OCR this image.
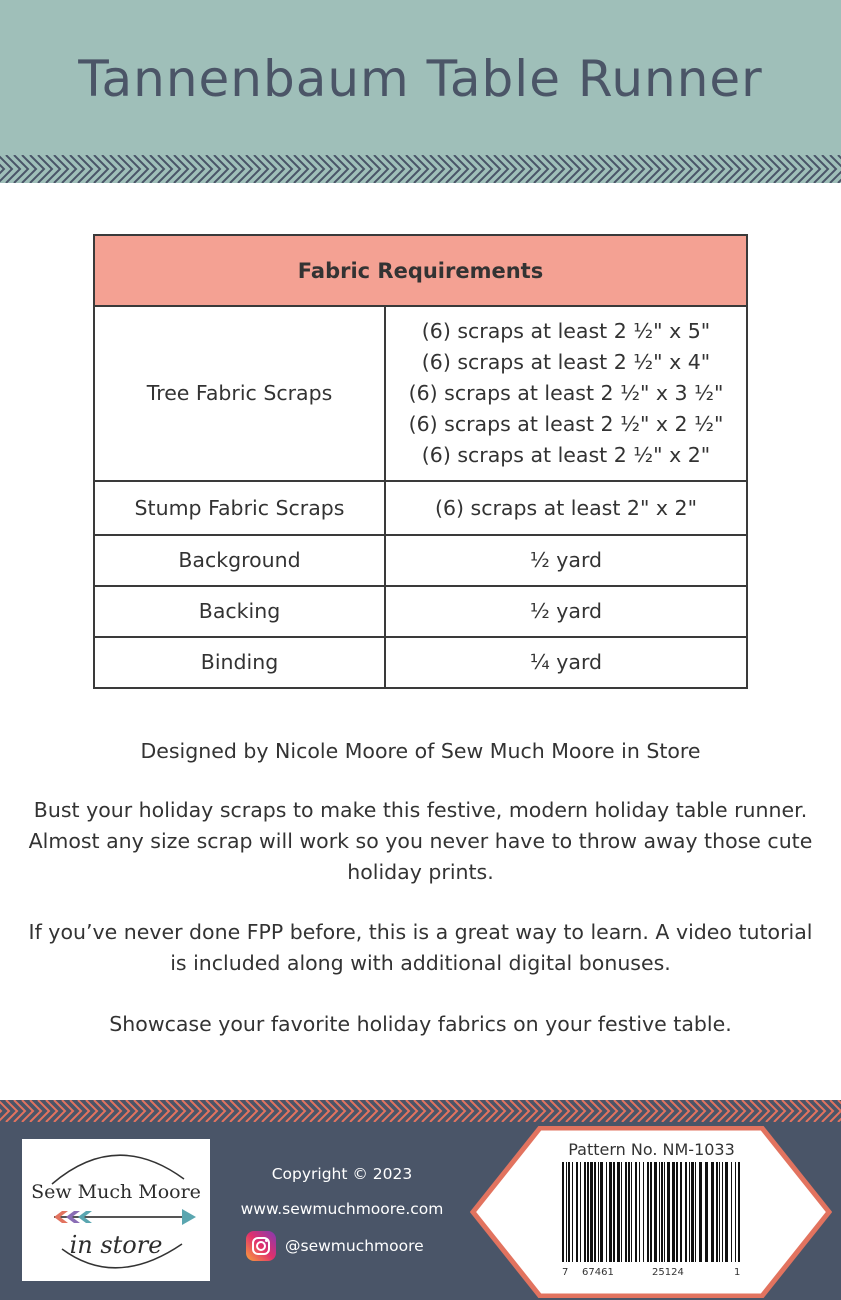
Tannenbaum Table Runner
Fabric Requirements	
Tree Fabric Scraps	(6) scraps at least 2 ½" x 5"
(6) scraps at least 2 ½" x 4"
(6) scraps at least 2 ½" x 3 ½"
(6) scraps at least 2 ½" x 2 ½"
(6) scraps at least 2 ½" x 2"

Stump Fabric Scraps	(6) scraps at least 2" x 2"
Background	½ yard
Backing	½ yard
Binding	¼ yard

Designed by Nicole Moore of Sew Much Moore in Store

Bust your holiday scraps to make this festive, modern holiday table runner. Almost any size scrap will work so you never have to throw away those cute holiday prints.

If you’ve never done FPP before, this is a great way to learn. A video tutorial is included along with additional digital bonuses.

Showcase your favorite holiday fabrics on your festive table.

Sew Much Moore
in store
Copyright © 2023
www.sewmuchmoore.com
@sewmuchmoore
Pattern No. NM-1033
7 67461	25124	1
